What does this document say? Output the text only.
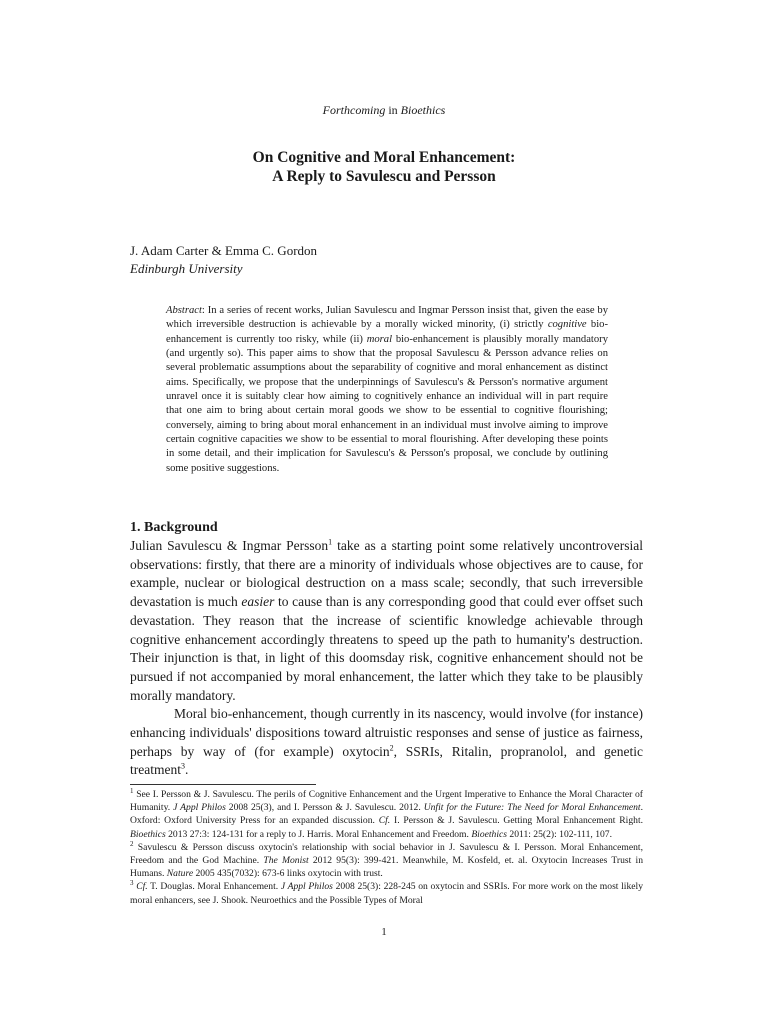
Forthcoming in Bioethics
On Cognitive and Moral Enhancement:
A Reply to Savulescu and Persson
J. Adam Carter & Emma C. Gordon
Edinburgh University
Abstract: In a series of recent works, Julian Savulescu and Ingmar Persson insist that, given the ease by which irreversible destruction is achievable by a morally wicked minority, (i) strictly cognitive bio-enhancement is currently too risky, while (ii) moral bio-enhancement is plausibly morally mandatory (and urgently so). This paper aims to show that the proposal Savulescu & Persson advance relies on several problematic assumptions about the separability of cognitive and moral enhancement as distinct aims. Specifically, we propose that the underpinnings of Savulescu's & Persson's normative argument unravel once it is suitably clear how aiming to cognitively enhance an individual will in part require that one aim to bring about certain moral goods we show to be essential to cognitive flourishing; conversely, aiming to bring about moral enhancement in an individual must involve aiming to improve certain cognitive capacities we show to be essential to moral flourishing. After developing these points in some detail, and their implication for Savulescu's & Persson's proposal, we conclude by outlining some positive suggestions.
1. Background

Julian Savulescu & Ingmar Persson$^1$ take as a starting point some relatively uncontroversial observations: firstly, that there are a minority of individuals whose objectives are to cause, for example, nuclear or biological destruction on a mass scale; secondly, that such irreversible devastation is much easier to cause than is any corresponding good that could ever offset such devastation. They reason that the increase of scientific knowledge achievable through cognitive enhancement accordingly threatens to speed up the path to humanity's destruction. Their injunction is that, in light of this doomsday risk, cognitive enhancement should not be pursued if not accompanied by moral enhancement, the latter which they take to be plausibly morally mandatory.

Moral bio-enhancement, though currently in its nascency, would involve (for instance) enhancing individuals' dispositions toward altruistic responses and sense of justice as fairness, perhaps by way of (for example) oxytocin$^2$, SSRIs, Ritalin, propranolol, and genetic treatment$^3$.

$^1$ See I. Persson & J. Savulescu. The perils of Cognitive Enhancement and the Urgent Imperative to Enhance the Moral Character of Humanity. J Appl Philos 2008 25(3), and I. Persson & J. Savulescu. 2012. Unfit for the Future: The Need for Moral Enhancement. Oxford: Oxford University Press for an expanded discussion. Cf. I. Persson & J. Savulescu. Getting Moral Enhancement Right. Bioethics 2013 27:3: 124-131 for a reply to J. Harris. Moral Enhancement and Freedom. Bioethics 2011: 25(2): 102-111, 107.

$^2$ Savulescu & Persson discuss oxytocin's relationship with social behavior in J. Savulescu & I. Persson. Moral Enhancement, Freedom and the God Machine. The Monist 2012 95(3): 399-421. Meanwhile, M. Kosfeld, et. al. Oxytocin Increases Trust in Humans. Nature 2005 435(7032): 673-6 links oxytocin with trust.

$^3$ Cf. T. Douglas. Moral Enhancement. J Appl Philos 2008 25(3): 228-245 on oxytocin and SSRIs. For more work on the most likely moral enhancers, see J. Shook. Neuroethics and the Possible Types of Moral

1
